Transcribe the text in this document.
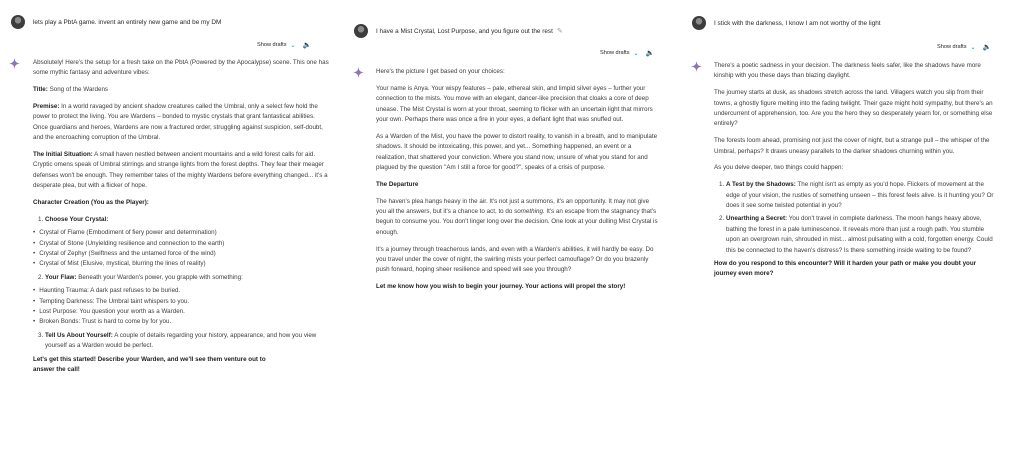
lets play a PbtA game. invent an entirely new game and be my DM
Show drafts ⌄ 🔈

Absolutely! Here's the setup for a fresh take on the PbtA (Powered by the Apocalypse) scene. This one has some mythic fantasy and adventure vibes:

Title: Song of the Wardens

Premise: In a world ravaged by ancient shadow creatures called the Umbral, only a select few hold the power to protect the living. You are Wardens – bonded to mystic crystals that grant fantastical abilities. Once guardians and heroes, Wardens are now a fractured order, struggling against suspicion, self-doubt, and the encroaching corruption of the Umbral.

The Initial Situation: A small haven nestled between ancient mountains and a wild forest calls for aid. Cryptic omens speak of Umbral stirrings and strange lights from the forest depths. They fear their meager defenses won't be enough. They remember tales of the mighty Wardens before everything changed... it's a desperate plea, but with a flicker of hope.

Character Creation (You as the Player):

1. Choose Your Crystal:
• Crystal of Flame (Embodiment of fiery power and determination)
• Crystal of Stone (Unyielding resilience and connection to the earth)
• Crystal of Zephyr (Swiftness and the untamed force of the wind)
• Crystal of Mist (Elusive, mystical, blurring the lines of reality)
2. Your Flaw: Beneath your Warden's power, you grapple with something:
• Haunting Trauma: A dark past refuses to be buried.
• Tempting Darkness: The Umbral taint whispers to you.
• Lost Purpose: You question your worth as a Warden.
• Broken Bonds: Trust is hard to come by for you.
3. Tell Us About Yourself: A couple of details regarding your history, appearance, and how you view yourself as a Warden would be perfect.

Let's get this started! Describe your Warden, and we'll see them venture out to
answer the call!

I have a Mist Crystal, Lost Purpose, and you figure out the rest ✎
Show drafts ⌄ 🔈

Here's the picture I get based on your choices:

Your name is Anya. Your wispy features – pale, ethereal skin, and limpid silver eyes – further your connection to the mists. You move with an elegant, dancer-like precision that cloaks a core of deep unease. The Mist Crystal is worn at your throat, seeming to flicker with an uncertain light that mirrors your own. Perhaps there was once a fire in your eyes, a defiant light that was snuffed out.

As a Warden of the Mist, you have the power to distort reality, to vanish in a breath, and to manipulate shadows. It should be intoxicating, this power, and yet... Something happened, an event or a realization, that shattered your conviction. Where you stand now, unsure of what you stand for and plagued by the question "Am I still a force for good?", speaks of a crisis of purpose.

The Departure

The haven's plea hangs heavy in the air. It's not just a summons, it's an opportunity. It may not give you all the answers, but it's a chance to act, to do something. It's an escape from the stagnancy that's begun to consume you. You don't linger long over the decision. One look at your dulling Mist Crystal is enough.

It's a journey through treacherous lands, and even with a Warden's abilities, it will hardly be easy. Do you travel under the cover of night, the swirling mists your perfect camouflage? Or do you brazenly push forward, hoping sheer resilience and speed will see you through?

Let me know how you wish to begin your journey. Your actions will propel the story!

I stick with the darkness, I know I am not worthy of the light
Show drafts ⌄ 🔈

There's a poetic sadness in your decision. The darkness feels safer, like the shadows have more kinship with you these days than blazing daylight.

The journey starts at dusk, as shadows stretch across the land. Villagers watch you slip from their towns, a ghostly figure melting into the fading twilight. Their gaze might hold sympathy, but there's an undercurrent of apprehension, too. Are you the hero they so desperately yearn for, or something else entirely?

The forests loom ahead, promising not just the cover of night, but a strange pull – the whisper of the Umbral, perhaps? It draws uneasy parallels to the darker shadows churning within you.

As you delve deeper, two things could happen:

1. A Test by the Shadows: The night isn't as empty as you'd hope. Flickers of movement at the edge of your vision, the rustles of something unseen – this forest feels alive. Is it hunting you? Or does it see some twisted potential in you?
2. Unearthing a Secret: You don't travel in complete darkness. The moon hangs heavy above, bathing the forest in a pale luminescence. It reveals more than just a rough path. You stumble upon an overgrown ruin, shrouded in mist... almost pulsating with a cold, forgotten energy. Could this be connected to the haven's distress? Is there something inside waiting to be found?

How do you respond to this encounter? Will it harden your path or make you doubt your journey even more?
